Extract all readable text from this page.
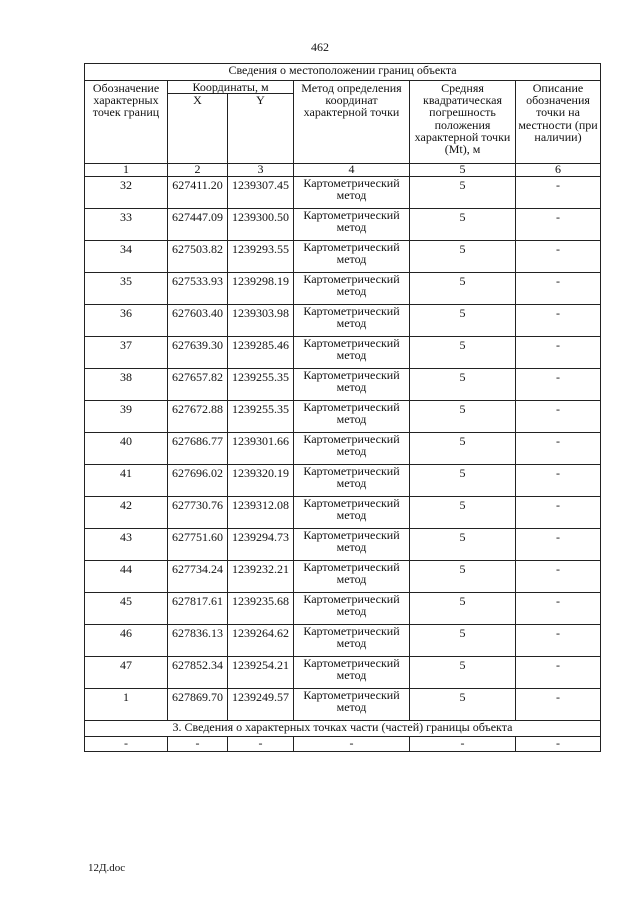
462
Сведения о местоположении границ объекта					
Обозначение характерных точек границ	Координаты, м		Метод определения координат характерной точки	Средняя квадратическая погрешность положения характерной точки (Mt), м	Описание обозначения точки на местности (при наличии)
	X	Y			
1	2	3	4	5	6
32	627411.20	1239307.45	Картометрический метод	5	-
33	627447.09	1239300.50	Картометрический метод	5	-
34	627503.82	1239293.55	Картометрический метод	5	-
35	627533.93	1239298.19	Картометрический метод	5	-
36	627603.40	1239303.98	Картометрический метод	5	-
37	627639.30	1239285.46	Картометрический метод	5	-
38	627657.82	1239255.35	Картометрический метод	5	-
39	627672.88	1239255.35	Картометрический метод	5	-
40	627686.77	1239301.66	Картометрический метод	5	-
41	627696.02	1239320.19	Картометрический метод	5	-
42	627730.76	1239312.08	Картометрический метод	5	-
43	627751.60	1239294.73	Картометрический метод	5	-
44	627734.24	1239232.21	Картометрический метод	5	-
45	627817.61	1239235.68	Картометрический метод	5	-
46	627836.13	1239264.62	Картометрический метод	5	-
47	627852.34	1239254.21	Картометрический метод	5	-
1	627869.70	1239249.57	Картометрический метод	5	-
3. Сведения о характерных точках части (частей) границы объекта					
-	-	-	-	-	-
12Д.doc
